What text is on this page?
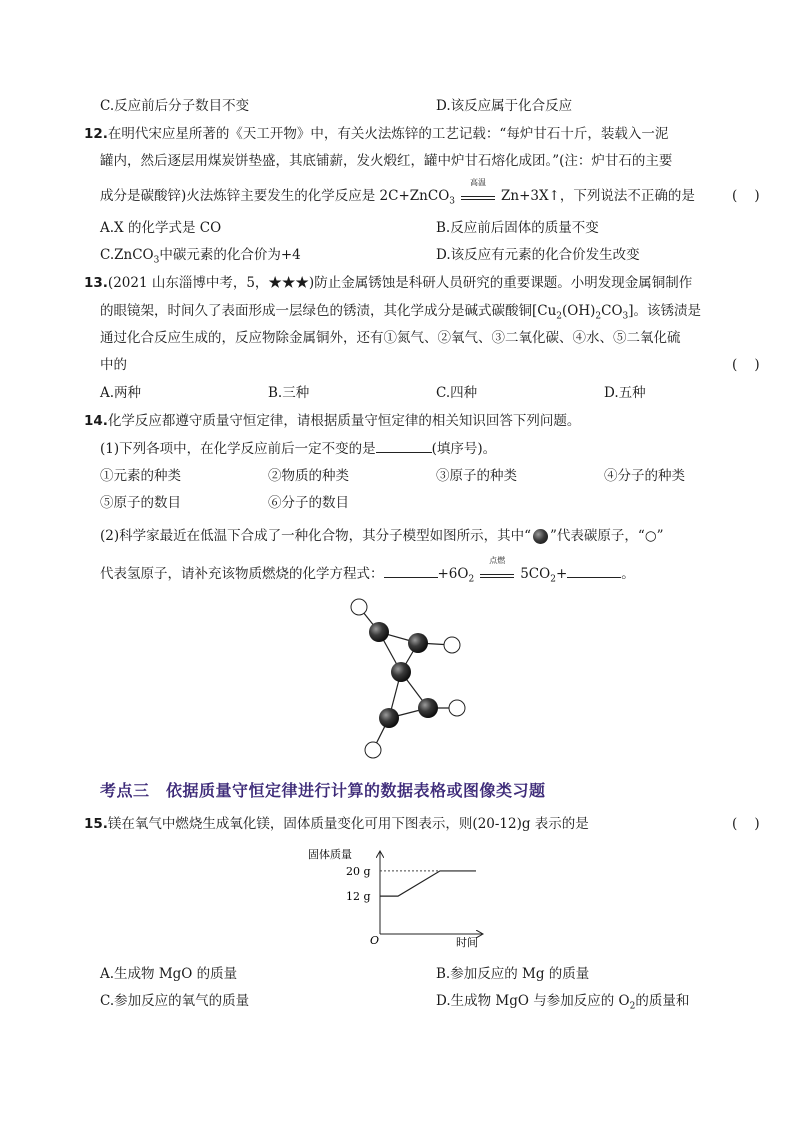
C.反应前后分子数目不变	D.该反应属于化合反应
12.在明代宋应星所著的《天工开物》中，有关火法炼锌的工艺记载：“每炉甘石十斤，装载入一泥
罐内，然后逐层用煤炭饼垫盛，其底铺薪，发火煅红，罐中炉甘石熔化成团。”(注：炉甘石的主要
成分是碳酸锌)火法炼锌主要发生的化学反应是 2C+ZnCO$_3$
高温
Zn+3X↑，下列说法不正确的是	(    )
A.X 的化学式是 CO	B.反应前后固体的质量不变
C.ZnCO$_3$中碳元素的化合价为+4	D.该反应有元素的化合价发生改变
13.(2021 山东淄博中考，5，★★★)防止金属锈蚀是科研人员研究的重要课题。小明发现金属铜制作
的眼镜架，时间久了表面形成一层绿色的锈渍，其化学成分是碱式碳酸铜$[Cu_2(OH)_2CO_3]$。该锈渍是
通过化合反应生成的，反应物除金属铜外，还有①氮气、②氧气、③二氧化碳、④水、⑤二氧化硫
中的	(    )
A.两种	B.三种	C.四种	D.五种
14.化学反应都遵守质量守恒定律，请根据质量守恒定律的相关知识回答下列问题。
(1)下列各项中，在化学反应前后一定不变的是	(填序号)。
①元素的种类	②物质的种类	③原子的种类	④分子的种类
⑤原子的数目	⑥分子的数目
(2)科学家最近在低温下合成了一种化合物，其分子模型如图所示，其中“ ”代表碳原子，“○”
代表氢原子，请补充该物质燃烧的化学方程式：	$+6O_2$
点燃
$5CO_2+$	。
考点三　依据质量守恒定律进行计算的数据表格或图像类习题
15.镁在氧气中燃烧生成氧化镁，固体质量变化可用下图表示，则(20-12)g 表示的是	(    )
固体质量
时间
O
20 g
12 g
A.生成物 MgO 的质量	B.参加反应的 Mg 的质量
C.参加反应的氧气的质量	D.生成物 MgO 与参加反应的 $O_2$的质量和
